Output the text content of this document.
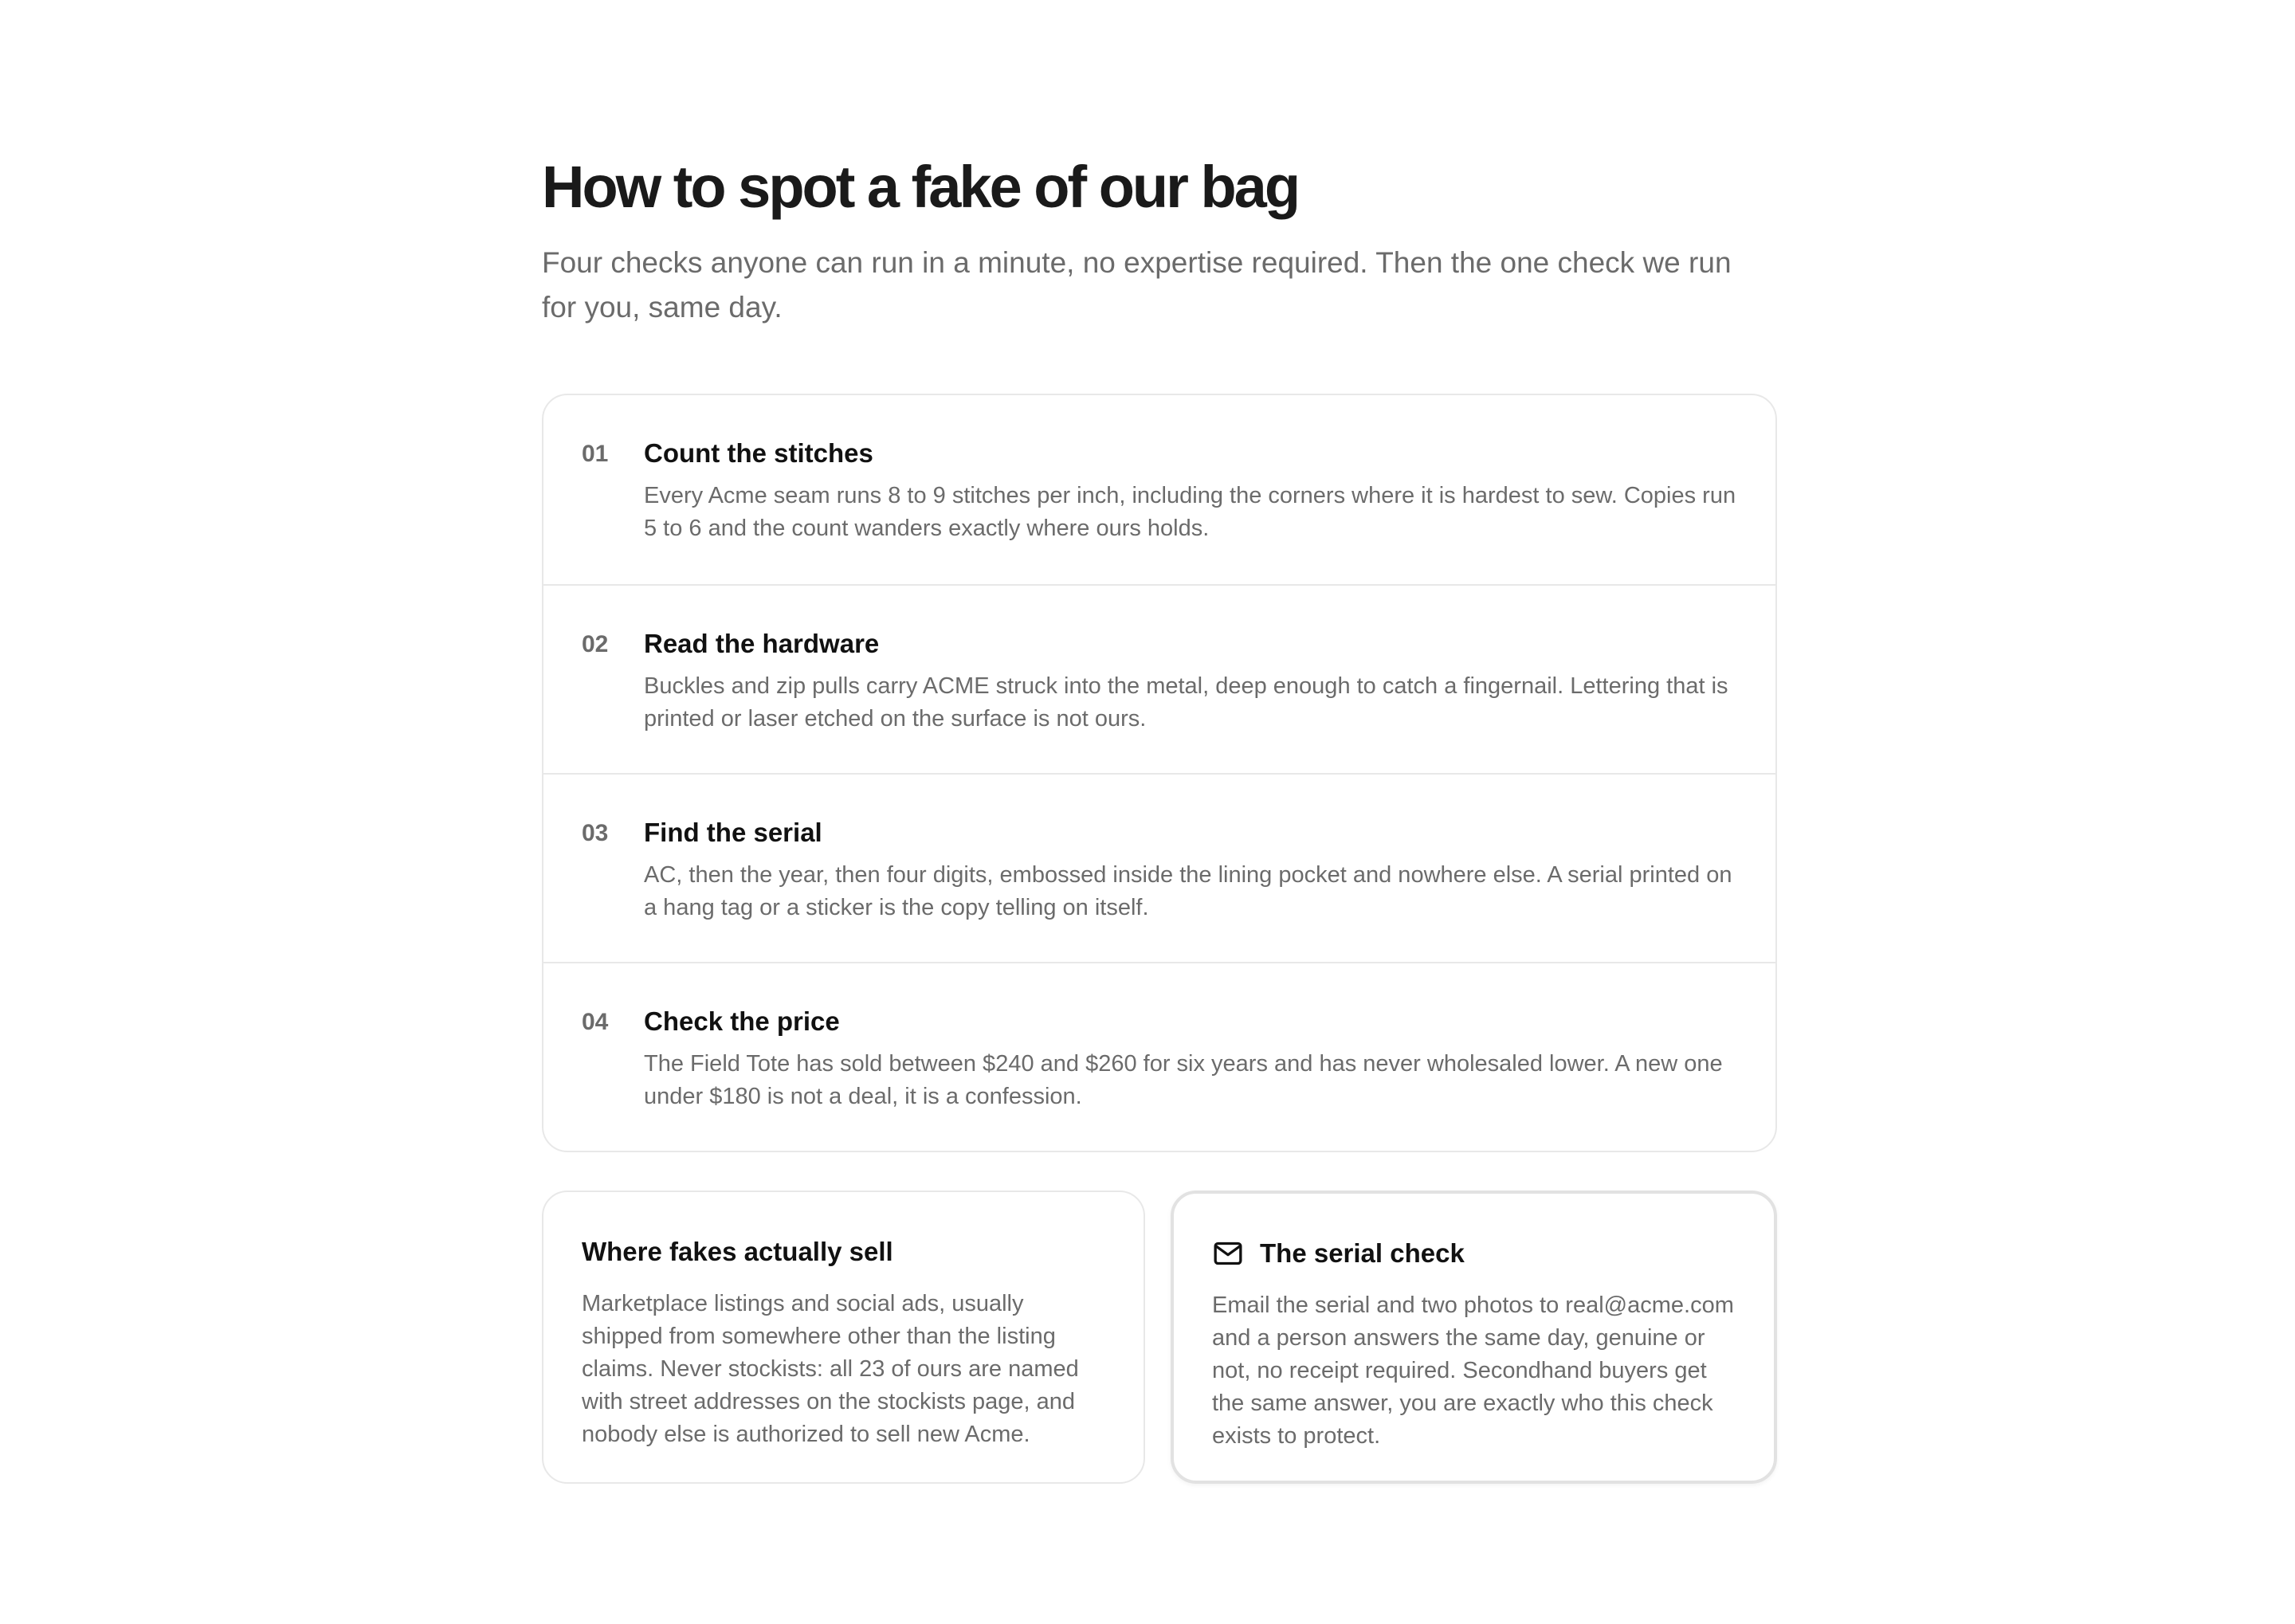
How to spot a fake of our bag

Four checks anyone can run in a minute, no expertise required. Then the one check we run for you, same day.

01	Count the stitches
Every Acme seam runs 8 to 9 stitches per inch, including the corners where it is hardest to sew. Copies run 5 to 6 and the count wanders exactly where ours holds.
02	Read the hardware
Buckles and zip pulls carry ACME struck into the metal, deep enough to catch a fingernail. Lettering that is printed or laser etched on the surface is not ours.
03	Find the serial
AC, then the year, then four digits, embossed inside the lining pocket and nowhere else. A serial printed on a hang tag or a sticker is the copy telling on itself.
04	Check the price
The Field Tote has sold between $240 and $260 for six years and has never wholesaled lower. A new one under $180 is not a deal, it is a confession.
Where fakes actually sell
Marketplace listings and social ads, usually shipped from somewhere other than the listing claims. Never stockists: all 23 of ours are named with street addresses on the stockists page, and nobody else is authorized to sell new Acme.
The serial check
Email the serial and two photos to real@acme.com and a person answers the same day, genuine or not, no receipt required. Secondhand buyers get the same answer, you are exactly who this check exists to protect.
